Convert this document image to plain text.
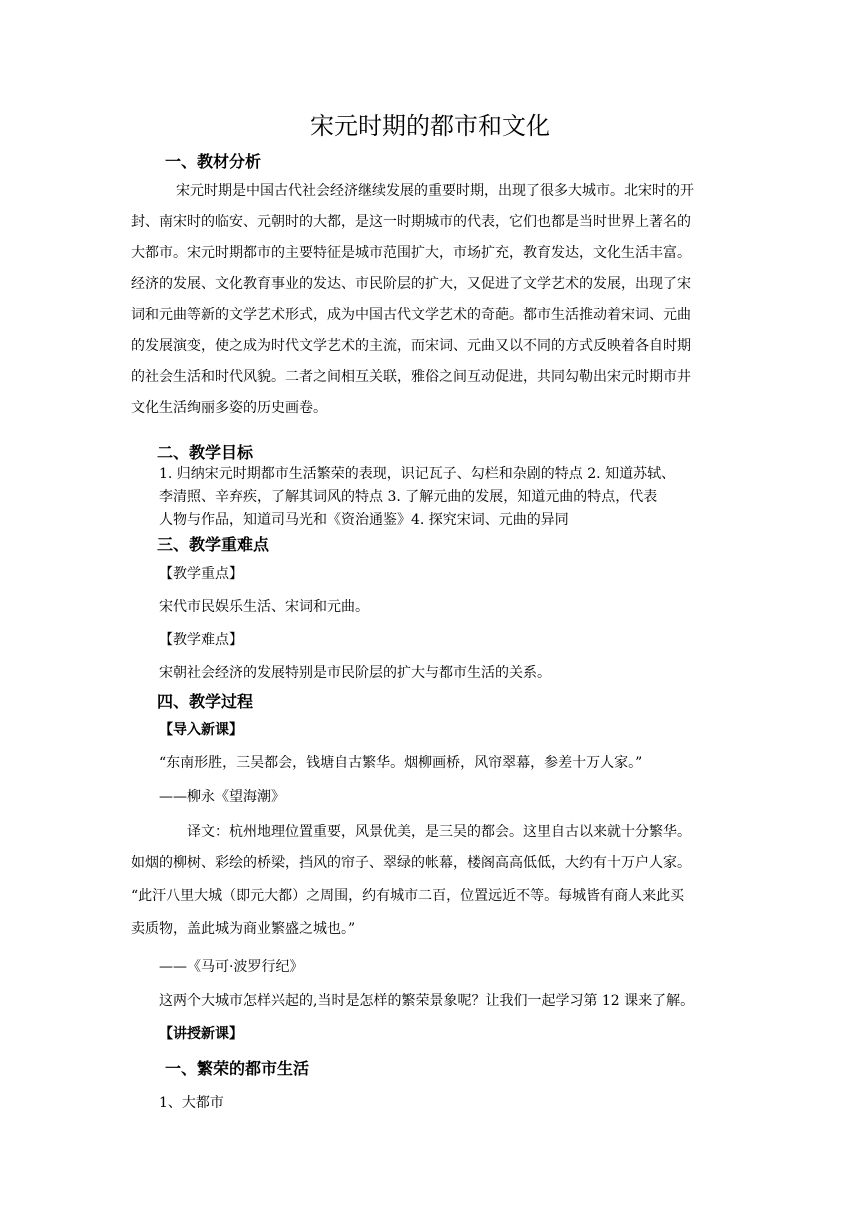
宋元时期的都市和文化
一、教材分析
宋元时期是中国古代社会经济继续发展的重要时期，出现了很多大城市。北宋时的开
封、南宋时的临安、元朝时的大都，是这一时期城市的代表，它们也都是当时世界上著名的
大都市。宋元时期都市的主要特征是城市范围扩大，市场扩充，教育发达，文化生活丰富。
经济的发展、文化教育事业的发达、市民阶层的扩大，又促进了文学艺术的发展，出现了宋
词和元曲等新的文学艺术形式，成为中国古代文学艺术的奇葩。都市生活推动着宋词、元曲
的发展演变，使之成为时代文学艺术的主流，而宋词、元曲又以不同的方式反映着各自时期
的社会生活和时代风貌。二者之间相互关联，雅俗之间互动促进，共同勾勒出宋元时期市井
文化生活绚丽多姿的历史画卷。
二、教学目标
1. 归纳宋元时期都市生活繁荣的表现，识记瓦子、勾栏和杂剧的特点 2. 知道苏轼、
李清照、辛弃疾，了解其词风的特点 3. 了解元曲的发展，知道元曲的特点，代表
人物与作品，知道司马光和《资治通鉴》4. 探究宋词、元曲的异同
三、教学重难点
【教学重点】
宋代市民娱乐生活、宋词和元曲。
【教学难点】
宋朝社会经济的发展特别是市民阶层的扩大与都市生活的关系。
四、教学过程
【导入新课】
“东南形胜，三吴都会，钱塘自古繁华。烟柳画桥，风帘翠幕，参差十万人家。”
——柳永《望海潮》
译文：杭州地理位置重要，风景优美，是三吴的都会。这里自古以来就十分繁华。
如烟的柳树、彩绘的桥梁，挡风的帘子、翠绿的帐幕，楼阁高高低低，大约有十万户人家。
“此汗八里大城（即元大都）之周围，约有城市二百，位置远近不等。每城皆有商人来此买
卖质物，盖此城为商业繁盛之城也。”
——《马可·波罗行纪》
这两个大城市怎样兴起的,当时是怎样的繁荣景象呢？让我们一起学习第 12 课来了解。
【讲授新课】
一、繁荣的都市生活
1、大都市
